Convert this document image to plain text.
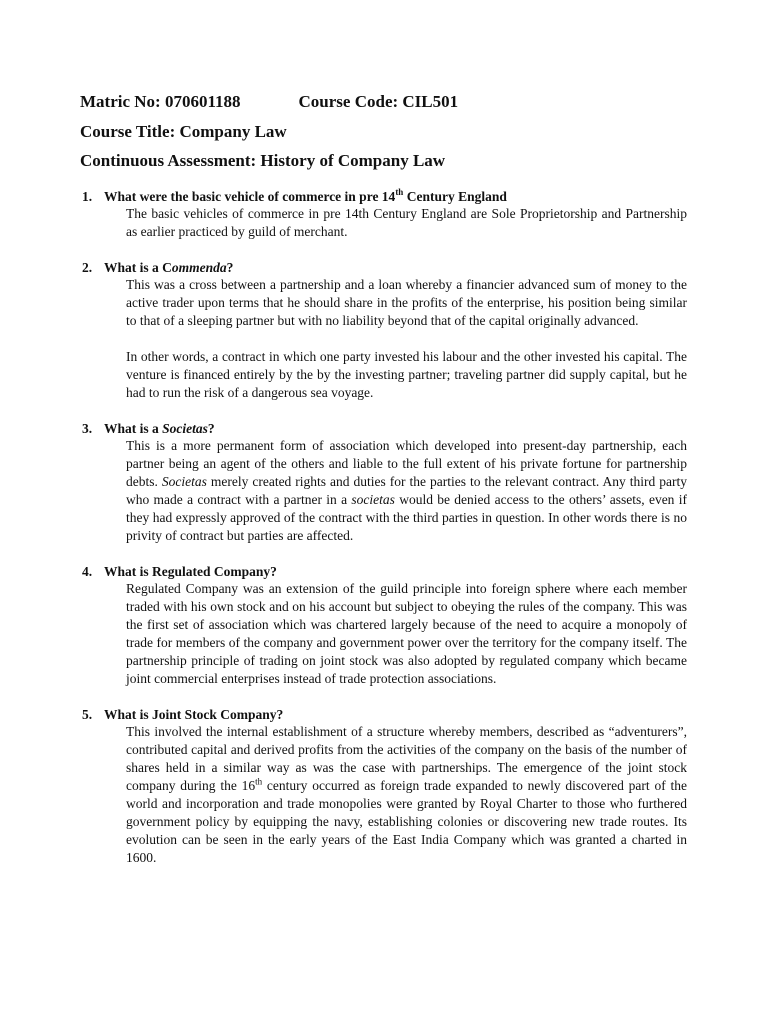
Matric No: 070601188	Course Code: CIL501
Course Title: Company Law
Continuous Assessment: History of Company Law
1. What were the basic vehicle of commerce in pre 14th Century England
The basic vehicles of commerce in pre 14th Century England are Sole Proprietorship and Partnership as earlier practiced by guild of merchant.
2. What is a Commenda?
This was a cross between a partnership and a loan whereby a financier advanced sum of money to the active trader upon terms that he should share in the profits of the enterprise, his position being similar to that of a sleeping partner but with no liability beyond that of the capital originally advanced.
In other words, a contract in which one party invested his labour and the other invested his capital. The venture is financed entirely by the by the investing partner; traveling partner did supply capital, but he had to run the risk of a dangerous sea voyage.
3. What is a Societas?
This is a more permanent form of association which developed into present-day partnership, each partner being an agent of the others and liable to the full extent of his private fortune for partnership debts. Societas merely created rights and duties for the parties to the relevant contract. Any third party who made a contract with a partner in a societas would be denied access to the others’ assets, even if they had expressly approved of the contract with the third parties in question. In other words there is no privity of contract but parties are affected.
4. What is Regulated Company?
Regulated Company was an extension of the guild principle into foreign sphere where each member traded with his own stock and on his account but subject to obeying the rules of the company. This was the first set of association which was chartered largely because of the need to acquire a monopoly of trade for members of the company and government power over the territory for the company itself. The partnership principle of trading on joint stock was also adopted by regulated company which became joint commercial enterprises instead of trade protection associations.
5. What is Joint Stock Company?
This involved the internal establishment of a structure whereby members, described as “adventurers”, contributed capital and derived profits from the activities of the company on the basis of the number of shares held in a similar way as was the case with partnerships. The emergence of the joint stock company during the 16th century occurred as foreign trade expanded to newly discovered part of the world and incorporation and trade monopolies were granted by Royal Charter to those who furthered government policy by equipping the navy, establishing colonies or discovering new trade routes. Its evolution can be seen in the early years of the East India Company which was granted a charted in 1600.
